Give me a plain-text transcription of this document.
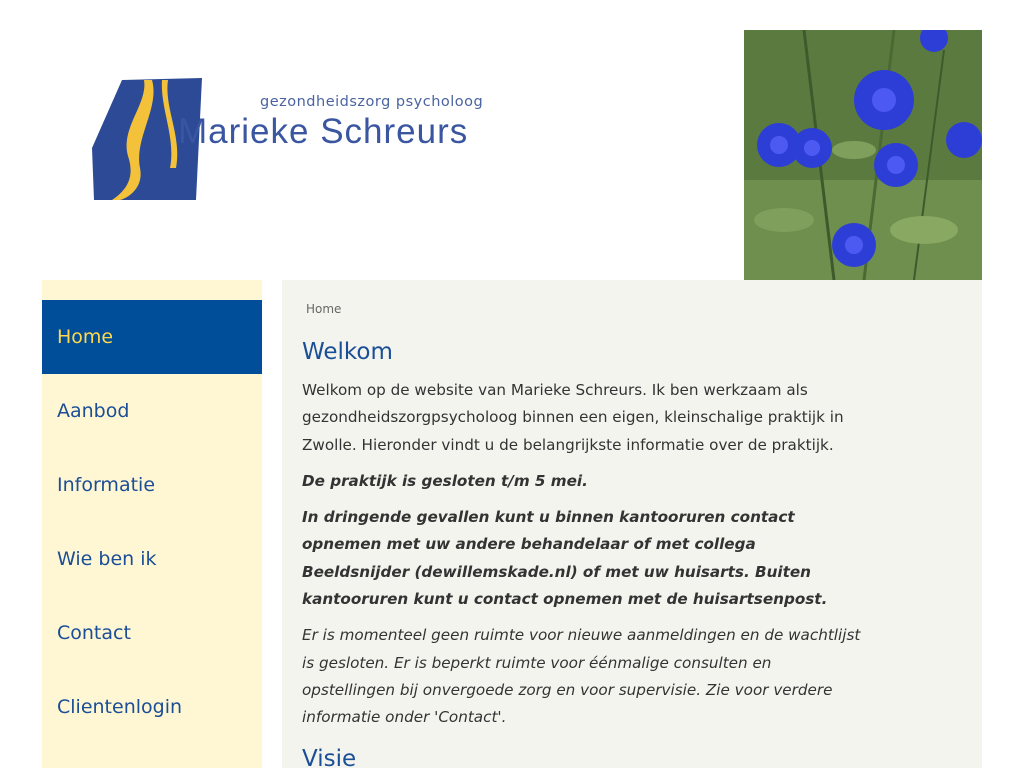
gezondheidszorg psycholoog
Marieke Schreurs
Home
Aanbod
Informatie
Wie ben ik
Contact
Clientenlogin
Home
Welkom

Welkom op de website van Marieke Schreurs. Ik ben werkzaam als gezondheidszorgpsycholoog binnen een eigen, kleinschalige praktijk in Zwolle. Hieronder vindt u de belangrijkste informatie over de praktijk.

De praktijk is gesloten t/m 5 mei.

In dringende gevallen kunt u binnen kantooruren contact opnemen met uw andere behandelaar of met collega Beeldsnijder (dewillemskade.nl) of met uw huisarts. Buiten kantooruren kunt u contact opnemen met de huisartsenpost.

Er is momenteel geen ruimte voor nieuwe aanmeldingen en de wachtlijst is gesloten. Er is beperkt ruimte voor éénmalige consulten en opstellingen bij onvergoede zorg en voor supervisie. Zie voor verdere informatie onder 'Contact'.

Visie
